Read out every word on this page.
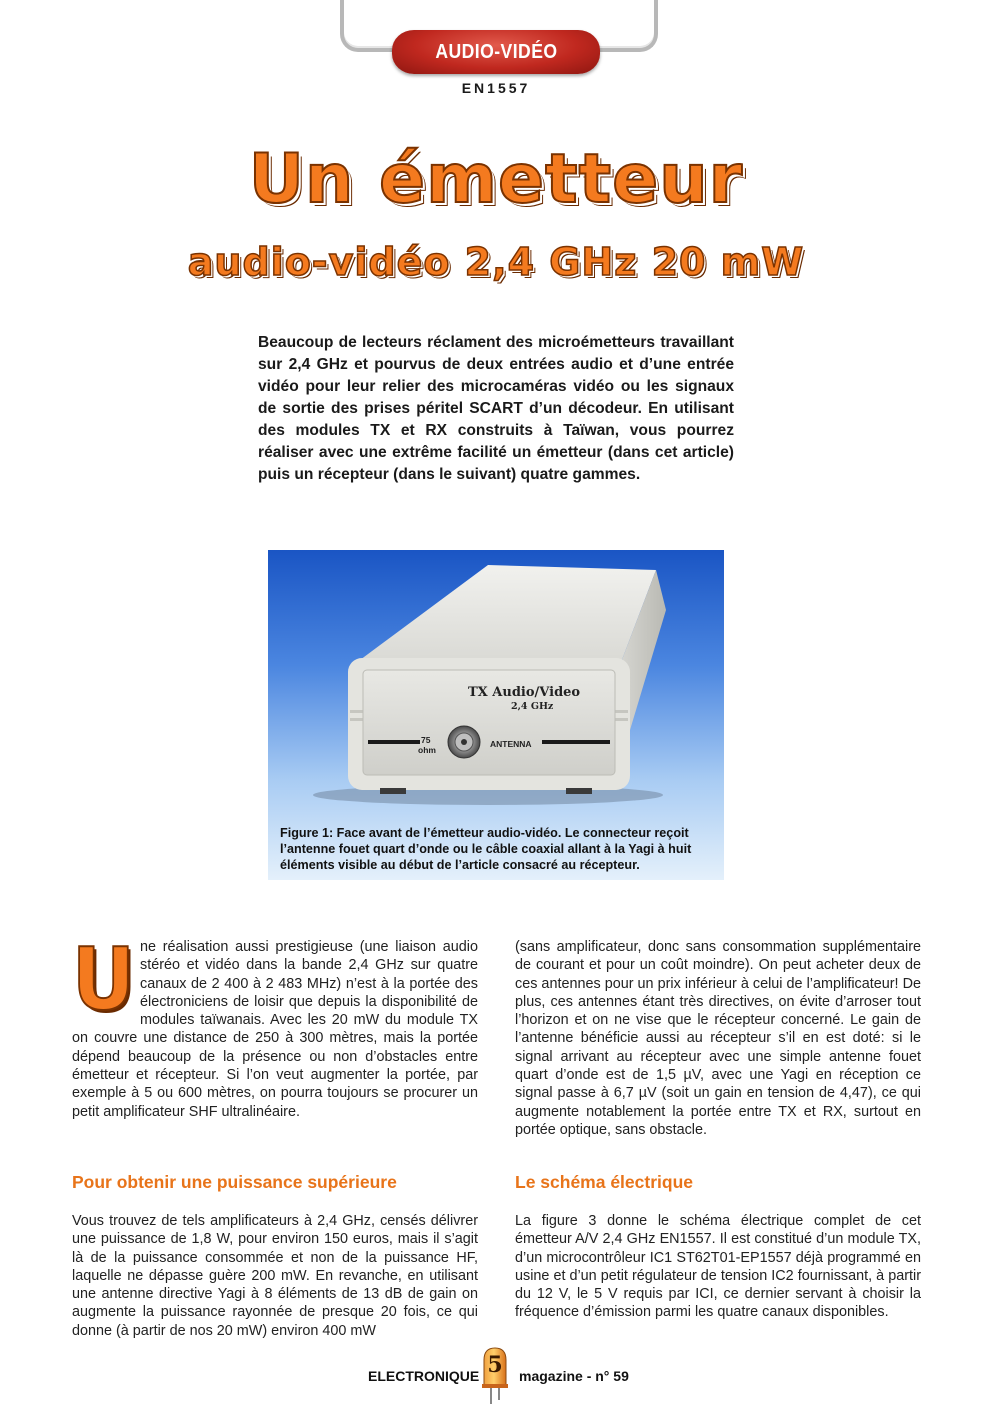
AUDIO-VIDÉO
EN1557
Un émetteur
audio-vidéo 2,4 GHz 20 mW
Beaucoup de lecteurs réclament des microémetteurs travaillant sur 2,4 GHz et pourvus de deux entrées audio et d’une entrée vidéo pour leur relier des microcaméras vidéo ou les signaux de sortie des prises péritel SCART d’un décodeur. En utilisant des modules TX et RX construits à Taïwan, vous pourrez réaliser avec une extrême facilité un émetteur (dans cet article) puis un récepteur (dans le suivant) quatre gammes.
TX Audio/Video
2,4 GHz
75
ohm
ANTENNA
Figure 1: Face avant de l’émetteur audio-vidéo. Le connecteur reçoit l’antenne fouet quart d’onde ou le câble coaxial allant à la Yagi à huit éléments visible au début de l’article consacré au récepteur.
U ne réalisation aussi prestigieuse (une liaison audio stéréo et vidéo dans la bande 2,4 GHz sur quatre canaux de 2 400 à 2 483 MHz) n’est à la portée des électroniciens de loisir que depuis la disponibilité de modules taïwanais. Avec les 20 mW du module TX on couvre une distance de 250 à 300 mètres, mais la portée dépend beaucoup de la présence ou non d’obstacles entre émetteur et récepteur. Si l’on veut augmenter la portée, par exemple à 5 ou 600 mètres, on pourra toujours se procurer un petit amplificateur SHF ultralinéaire.

(sans amplificateur, donc sans consommation supplémentaire de courant et pour un coût moindre). On peut acheter deux de ces antennes pour un prix inférieur à celui de l’amplificateur! De plus, ces antennes étant très directives, on évite d’arroser tout l’horizon et on ne vise que le récepteur concerné. Le gain de l’antenne bénéficie aussi au récepteur s’il en est doté: si le signal arrivant au récepteur avec une simple antenne fouet quart d’onde est de 1,5 µV, avec une Yagi en réception ce signal passe à 6,7 µV (soit un gain en tension de 4,47), ce qui augmente notablement la portée entre TX et RX, surtout en portée optique, sans obstacle.

Pour obtenir une puissance supérieure

Vous trouvez de tels amplificateurs à 2,4 GHz, censés délivrer une puissance de 1,8 W, pour environ 150 euros, mais il s’agit là de la puissance consommée et non de la puissance HF, laquelle ne dépasse guère 200 mW. En revanche, en utilisant une antenne directive Yagi à 8 éléments de 13 dB de gain on augmente la puissance rayonnée de presque 20 fois, ce qui donne (à partir de nos 20 mW) environ 400 mW

Le schéma électrique

La figure 3 donne le schéma électrique complet de cet émetteur A/V 2,4 GHz EN1557. Il est constitué d’un module TX, d’un microcontrôleur IC1 ST62T01-EP1557 déjà programmé en usine et d’un petit régulateur de tension IC2 fournissant, à partir du 12 V, le 5 V requis par ICI, ce dernier servant à choisir la fréquence d’émission parmi les quatre canaux disponibles.

ELECTRONIQUE 5	magazine - n° 59
